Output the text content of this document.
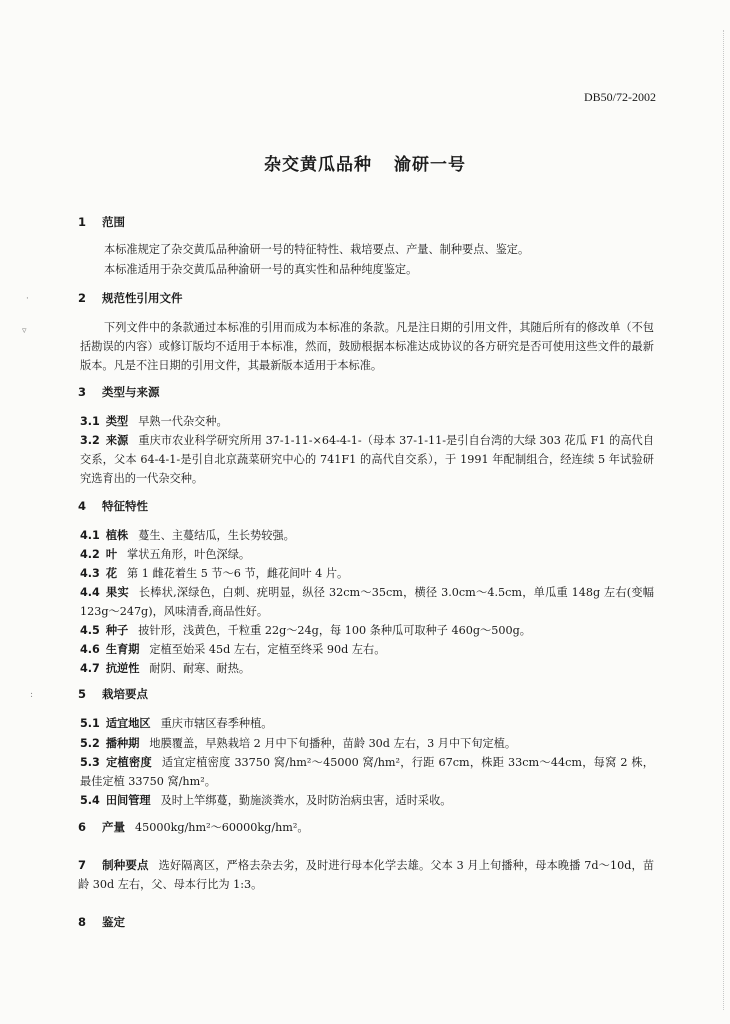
·
▿
:
DB50/72-2002
杂交黄瓜品种 渝研一号
1 范围
本标准规定了杂交黄瓜品种渝研一号的特征特性、栽培要点、产量、制种要点、鉴定。
本标准适用于杂交黄瓜品种渝研一号的真实性和品种纯度鉴定。
2 规范性引用文件
下列文件中的条款通过本标准的引用而成为本标准的条款。凡是注日期的引用文件，其随后所有的修改单（不包括勘误的内容）或修订版均不适用于本标准，然而，鼓励根据本标准达成协议的各方研究是否可使用这些文件的最新版本。凡是不注日期的引用文件，其最新版本适用于本标准。
3 类型与来源
3.1 类型 早熟一代杂交种。
3.2 来源 重庆市农业科学研究所用 37-1-11-×64-4-1-（母本 37-1-11-是引自台湾的大绿 303 花瓜 F1 的高代自交系，父本 64-4-1-是引自北京蔬菜研究中心的 741F1 的高代自交系），于 1991 年配制组合，经连续 5 年试验研究选育出的一代杂交种。
4 特征特性
4.1 植株 蔓生、主蔓结瓜，生长势较强。
4.2 叶 掌状五角形，叶色深绿。
4.3 花 第 1 雌花着生 5 节～6 节，雌花间叶 4 片。
4.4 果实 长棒状,深绿色，白刺、疣明显，纵径 32cm～35cm，横径 3.0cm～4.5cm，单瓜重 148g 左右(变幅 123g～247g)，风味清香,商品性好。
4.5 种子 披针形，浅黄色，千粒重 22g～24g，每 100 条种瓜可取种子 460g～500g。
4.6 生育期 定植至始采 45d 左右，定植至终采 90d 左右。
4.7 抗逆性 耐阴、耐寒、耐热。
5 栽培要点
5.1 适宜地区 重庆市辖区春季种植。
5.2 播种期 地膜覆盖，早熟栽培 2 月中下旬播种，苗龄 30d 左右，3 月中下旬定植。
5.3 定植密度 适宜定植密度 33750 窝/hm²～45000 窝/hm²，行距 67cm，株距 33cm～44cm，每窝 2 株，最佳定植 33750 窝/hm²。
5.4 田间管理 及时上竿绑蔓，勤施淡粪水，及时防治病虫害，适时采收。
6 产量 45000kg/hm²～60000kg/hm²。
7 制种要点 选好隔离区，严格去杂去劣，及时进行母本化学去雄。父本 3 月上旬播种，母本晚播 7d～10d，苗龄 30d 左右，父、母本行比为 1:3。
8 鉴定
